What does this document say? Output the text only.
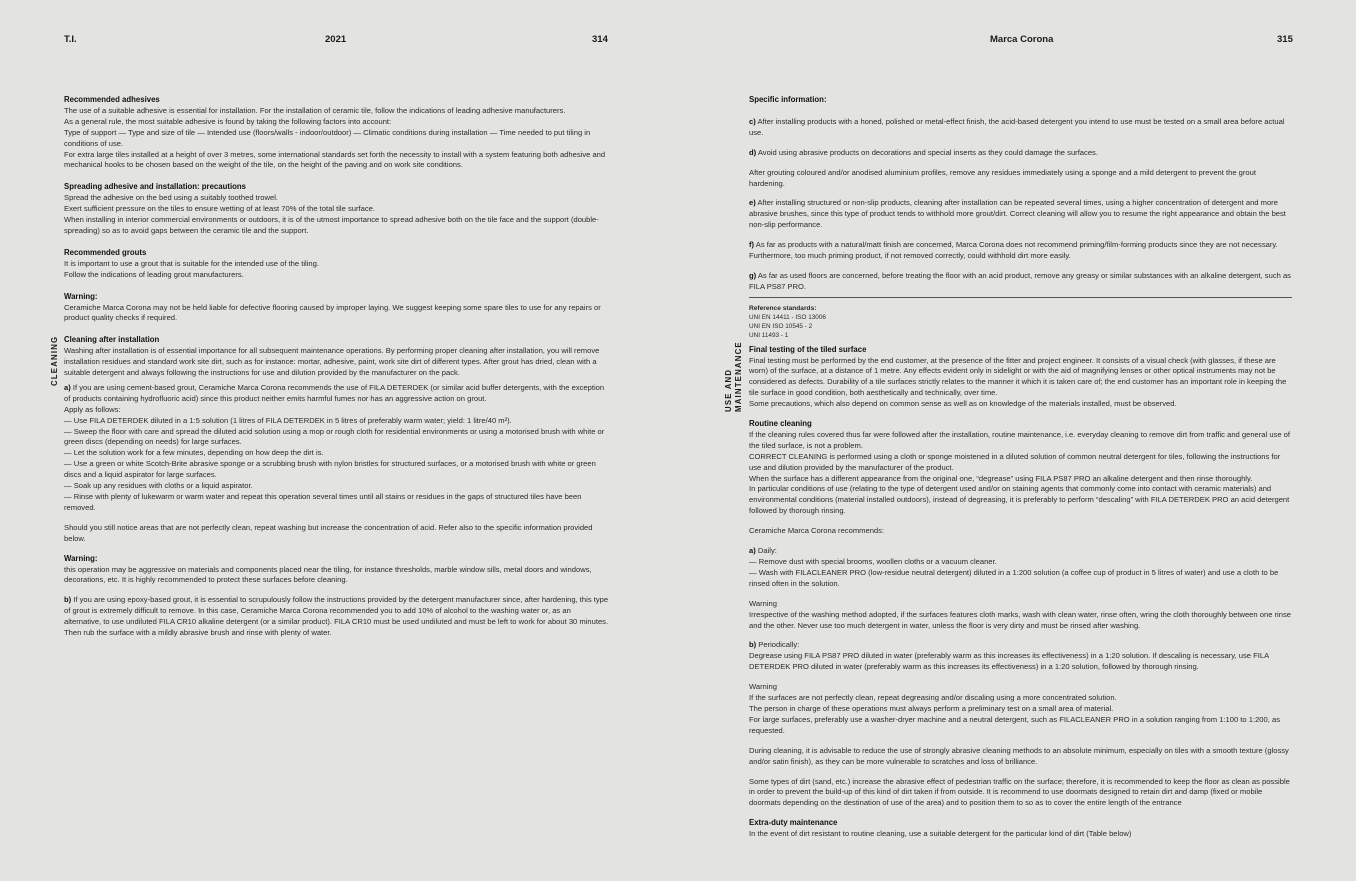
T.I.	2021	314	Marca Corona	315
CLEANING
USE AND MAINTENANCE
Recommended adhesives

The use of a suitable adhesive is essential for installation. For the installation of ceramic tile, follow the indications of leading adhesive manufacturers.

As a general rule, the most suitable adhesive is found by taking the following factors into account:

Type of support — Type and size of tile — Intended use (floors/walls - indoor/outdoor) — Climatic conditions during installation — Time needed to put tiling in conditions of use.

For extra large tiles installed at a height of over 3 metres, some international standards set forth the necessity to install with a system featuring both adhesive and mechanical hooks to be chosen based on the weight of the tile, on the height of the paving and on work site conditions.

Spreading adhesive and installation: precautions

Spread the adhesive on the bed using a suitably toothed trowel.

Exert sufficient pressure on the tiles to ensure wetting of at least 70% of the total tile surface.

When installing in interior commercial environments or outdoors, it is of the utmost importance to spread adhesive both on the tile face and the support (double-spreading) so as to avoid gaps between the ceramic tile and the support.

Recommended grouts

It is important to use a grout that is suitable for the intended use of the tiling.

Follow the indications of leading grout manufacturers.

Warning:

Ceramiche Marca Corona may not be held liable for defective flooring caused by improper laying. We suggest keeping some spare tiles to use for any repairs or product quality checks if required.

Cleaning after installation

Washing after installation is of essential importance for all subsequent maintenance operations. By performing proper cleaning after installation, you will remove installation residues and standard work site dirt, such as for instance: mortar, adhesive, paint, work site dirt of different types. After grout has dried, clean with a suitable detergent and always following the instructions for use and dilution provided by the manufacturer on the pack.

a) If you are using cement-based grout, Ceramiche Marca Corona recommends the use of FILA DETERDEK (or similar acid buffer detergents, with the exception of products containing hydrofluoric acid) since this product neither emits harmful fumes nor has an aggressive action on grout.

Apply as follows:

— Use FILA DETERDEK diluted in a 1:5 solution (1 litres of FILA DETERDEK in 5 litres of preferably warm water; yield: 1 litre/40 m²).

— Sweep the floor with care and spread the diluted acid solution using a mop or rough cloth for residential environments or using a motorised brush with white or green discs (depending on needs) for large surfaces.

— Let the solution work for a few minutes, depending on how deep the dirt is.

— Use a green or white Scotch-Brite abrasive sponge or a scrubbing brush with nylon bristles for structured surfaces, or a motorised brush with white or green discs and a liquid aspirator for large surfaces.

— Soak up any residues with cloths or a liquid aspirator.

— Rinse with plenty of lukewarm or warm water and repeat this operation several times until all stains or residues in the gaps of structured tiles have been removed.

Should you still notice areas that are not perfectly clean, repeat washing but increase the concentration of acid. Refer also to the specific information provided below.

Warning:

this operation may be aggressive on materials and components placed near the tiling, for instance thresholds, marble window sills, metal doors and windows, decorations, etc. It is highly recommended to protect these surfaces before cleaning.

b) If you are using epoxy-based grout, it is essential to scrupulously follow the instructions provided by the detergent manufacturer since, after hardening, this type of grout is extremely difficult to remove. In this case, Ceramiche Marca Corona recommended you to add 10% of alcohol to the washing water or, as an alternative, to use undiluted FILA CR10 alkaline detergent (or a similar product). FILA CR10 must be used undiluted and must be left to work for about 30 minutes. Then rub the surface with a mildly abrasive brush and rinse with plenty of water.

Specific information:

c) After installing products with a honed, polished or metal-effect finish, the acid-based detergent you intend to use must be tested on a small area before actual use.

d) Avoid using abrasive products on decorations and special inserts as they could damage the surfaces.

After grouting coloured and/or anodised aluminium profiles, remove any residues immediately using a sponge and a mild detergent to prevent the grout hardening.

e) After installing structured or non-slip products, cleaning after installation can be repeated several times, using a higher concentration of detergent and more abrasive brushes, since this type of product tends to withhold more grout/dirt. Correct cleaning will allow you to resume the right appearance and obtain the best non-slip performance.

f) As far as products with a natural/matt finish are concerned, Marca Corona does not recommend priming/film-forming products since they are not necessary. Furthermore, too much priming product, if not removed correctly, could withhold dirt more easily.

g) As far as used floors are concerned, before treating the floor with an acid product, remove any greasy or similar substances with an alkaline detergent, such as FILA PS87 PRO.

Reference standards:
UNI EN 14411 - ISO 13006
UNI EN ISO 10545 - 2
UNI 11493 - 1
Final testing of the tiled surface

Final testing must be performed by the end customer, at the presence of the fitter and project engineer. It consists of a visual check (with glasses, if these are worn) of the surface, at a distance of 1 metre. Any effects evident only in sidelight or with the aid of magnifying lenses or other optical instruments may not be considered as defects. Durability of a tile surfaces strictly relates to the manner it which it is taken care of; the end customer has an important role in keeping the tile surface in good condition, both aesthetically and technically, over time.

Some precautions, which also depend on common sense as well as on knowledge of the materials installed, must be observed.

Routine cleaning

If the cleaning rules covered thus far were followed after the installation, routine maintenance, i.e. everyday cleaning to remove dirt from traffic and general use of the tiled surface, is not a problem.

CORRECT CLEANING is performed using a cloth or sponge moistened in a diluted solution of common neutral detergent for tiles, following the instructions for use and dilution provided by the manufacturer of the product.

When the surface has a different appearance from the original one, “degrease” using FILA PS87 PRO an alkaline detergent and then rinse thoroughly.

In particular conditions of use (relating to the type of detergent used and/or on staining agents that commonly come into contact with ceramic materials) and environmental conditions (material installed outdoors), instead of degreasing, it is preferably to perform “descaling” with FILA DETERDEK PRO an acid detergent followed by thorough rinsing.

Ceramiche Marca Corona recommends:

a) Daily:

— Remove dust with special brooms, woollen cloths or a vacuum cleaner.

— Wash with FILACLEANER PRO (low-residue neutral detergent) diluted in a 1:200 solution (a coffee cup of product in 5 litres of water) and use a cloth to be rinsed often in the solution.

Warning

Irrespective of the washing method adopted, if the surfaces features cloth marks, wash with clean water, rinse often, wring the cloth thoroughly between one rinse and the other. Never use too much detergent in water, unless the floor is very dirty and must be rinsed after washing.

b) Periodically:

Degrease using FILA PS87 PRO diluted in water (preferably warm as this increases its effectiveness) in a 1:20 solution. If descaling is necessary, use FILA DETERDEK PRO diluted in water (preferably warm as this increases its effectiveness) in a 1:20 solution, followed by thorough rinsing.

Warning

If the surfaces are not perfectly clean, repeat degreasing and/or discaling using a more concentrated solution.

The person in charge of these operations must always perform a preliminary test on a small area of material.

For large surfaces, preferably use a washer-dryer machine and a neutral detergent, such as FILACLEANER PRO in a solution ranging from 1:100 to 1:200, as requested.

During cleaning, it is advisable to reduce the use of strongly abrasive cleaning methods to an absolute minimum, especially on tiles with a smooth texture (glossy and/or satin finish), as they can be more vulnerable to scratches and loss of brilliance.

Some types of dirt (sand, etc.) increase the abrasive effect of pedestrian traffic on the surface; therefore, it is recommended to keep the floor as clean as possible in order to prevent the build-up of this kind of dirt taken if from outside. It is recommend to use doormats designed to retain dirt and damp (fixed or mobile doormats depending on the destination of use of the area) and to position them to so as to cover the entire length of the entrance

Extra-duty maintenance

In the event of dirt resistant to routine cleaning, use a suitable detergent for the particular kind of dirt (Table below)
